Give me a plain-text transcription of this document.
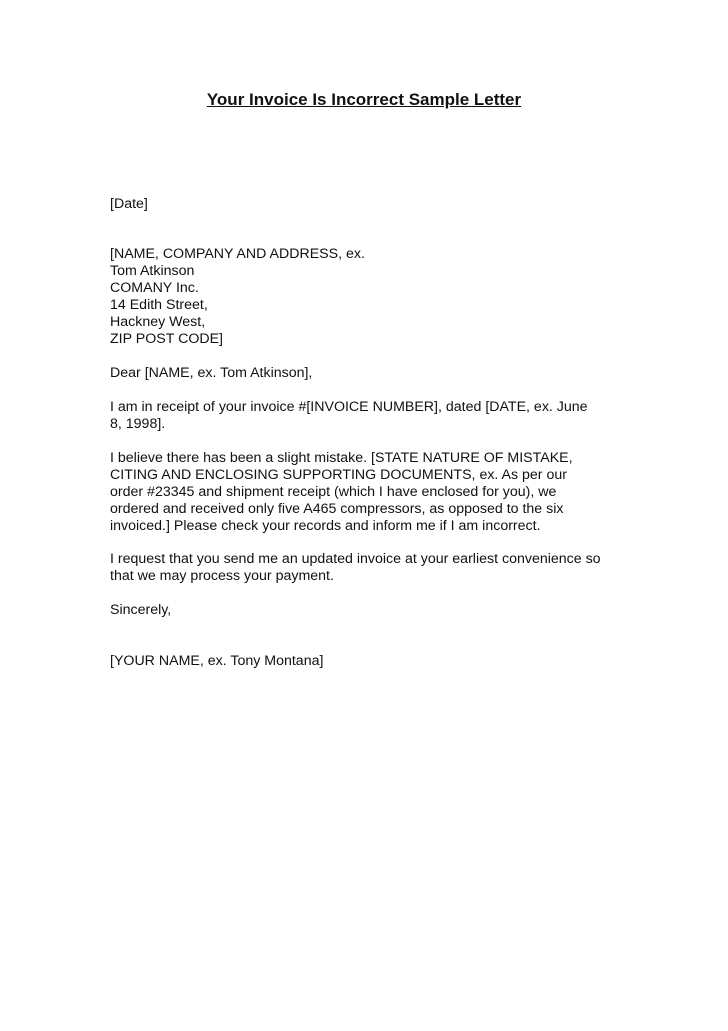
Your Invoice Is Incorrect Sample Letter
[Date]
[NAME, COMPANY AND ADDRESS, ex.
Tom Atkinson
COMANY Inc.
14 Edith Street,
Hackney West,
ZIP POST CODE]
Dear [NAME, ex. Tom Atkinson],
I am in receipt of your invoice #[INVOICE NUMBER], dated [DATE, ex. June
8, 1998].
I believe there has been a slight mistake. [STATE NATURE OF MISTAKE,
CITING AND ENCLOSING SUPPORTING DOCUMENTS, ex. As per our
order #23345 and shipment receipt (which I have enclosed for you), we
ordered and received only five A465 compressors, as opposed to the six
invoiced.] Please check your records and inform me if I am incorrect.
I request that you send me an updated invoice at your earliest convenience so
that we may process your payment.
Sincerely,
[YOUR NAME, ex. Tony Montana]
